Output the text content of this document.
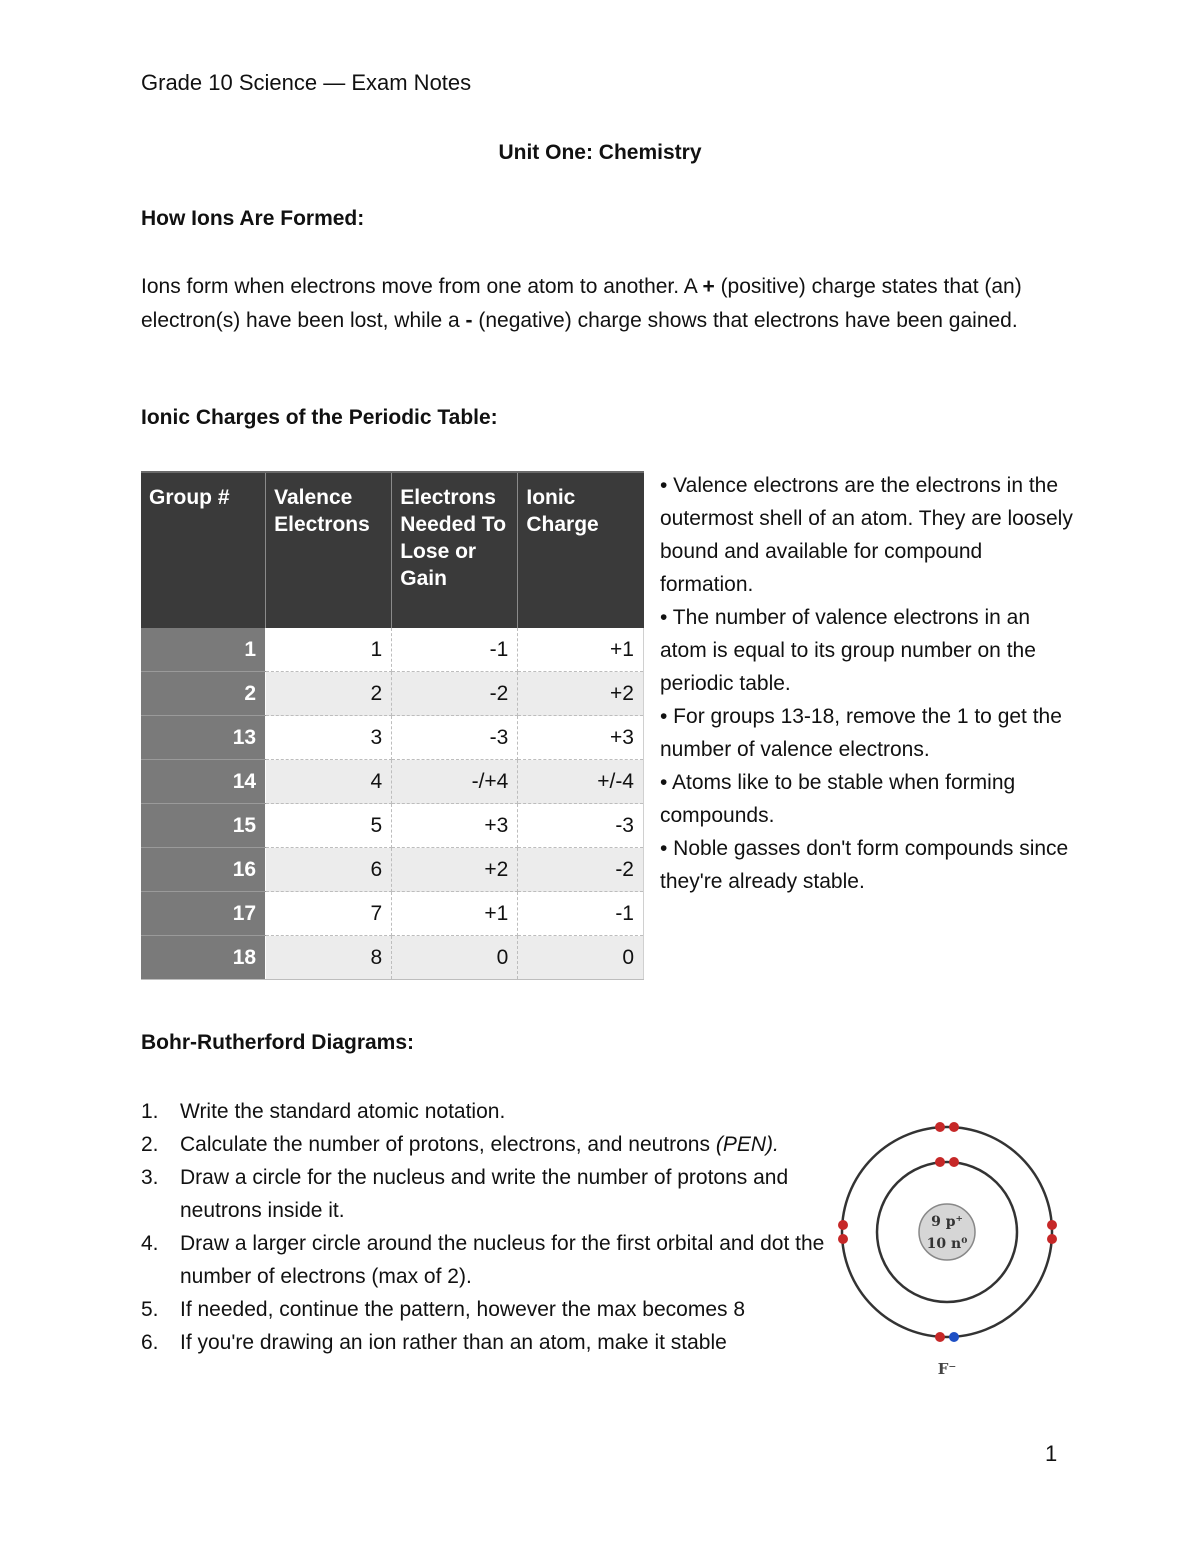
Grade 10 Science — Exam Notes
Unit One: Chemistry
How Ions Are Formed:
Ions form when electrons move from one atom to another. A + (positive) charge states that (an) electron(s) have been lost, while a - (negative) charge shows that electrons have been gained.
Ionic Charges of the Periodic Table:
Group #	Valence Electrons	Electrons Needed To Lose or Gain	Ionic Charge
1	1	-1	+1
2	2	-2	+2
13	3	-3	+3
14	4	-/+4	+/-4
15	5	+3	-3
16	6	+2	-2
17	7	+1	-1
18	8	0	0
• Valence electrons are the electrons in the outermost shell of an atom. They are loosely bound and available for compound formation.
• The number of valence electrons in an atom is equal to its group number on the periodic table.
• For groups 13-18, remove the 1 to get the number of valence electrons.
• Atoms like to be stable when forming compounds.
• Noble gasses don't form compounds since they're already stable.
Bohr-Rutherford Diagrams:
1. Write the standard atomic notation.
2. Calculate the number of protons, electrons, and neutrons (PEN).
3. Draw a circle for the nucleus and write the number of protons and neutrons inside it.
4. Draw a larger circle around the nucleus for the first orbital and dot the number of electrons (max of 2).
5. If needed, continue the pattern, however the max becomes 8
6. If you're drawing an ion rather than an atom, make it stable
9 p⁺
10 n⁰
F⁻
1
